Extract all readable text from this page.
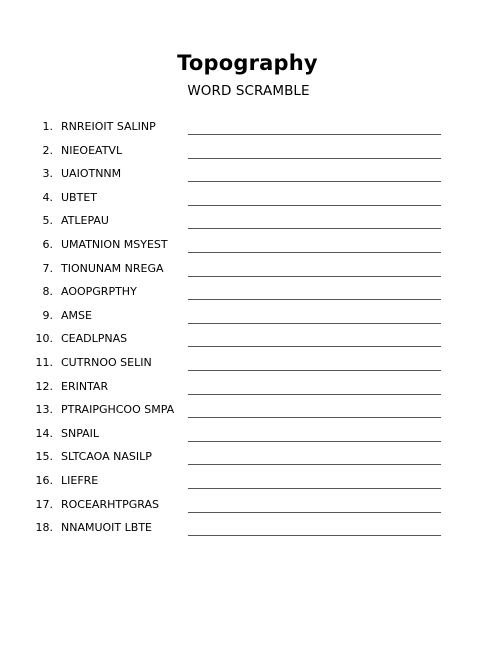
Topography
WORD SCRAMBLE
1. RNREIOIT SALINP
2. NIEOEATVL
3. UAIOTNNM
4. UBTET
5. ATLEPAU
6. UMATNION MSYEST
7. TIONUNAM NREGA
8. AOOPGRPTHY
9. AMSE
10. CEADLPNAS
11. CUTRNOO SELIN
12. ERINTAR
13. PTRAIPGHCOO SMPA
14. SNPAIL
15. SLTCAOA NASILP
16. LIEFRE
17. ROCEARHTPGRAS
18. NNAMUOIT LBTE
